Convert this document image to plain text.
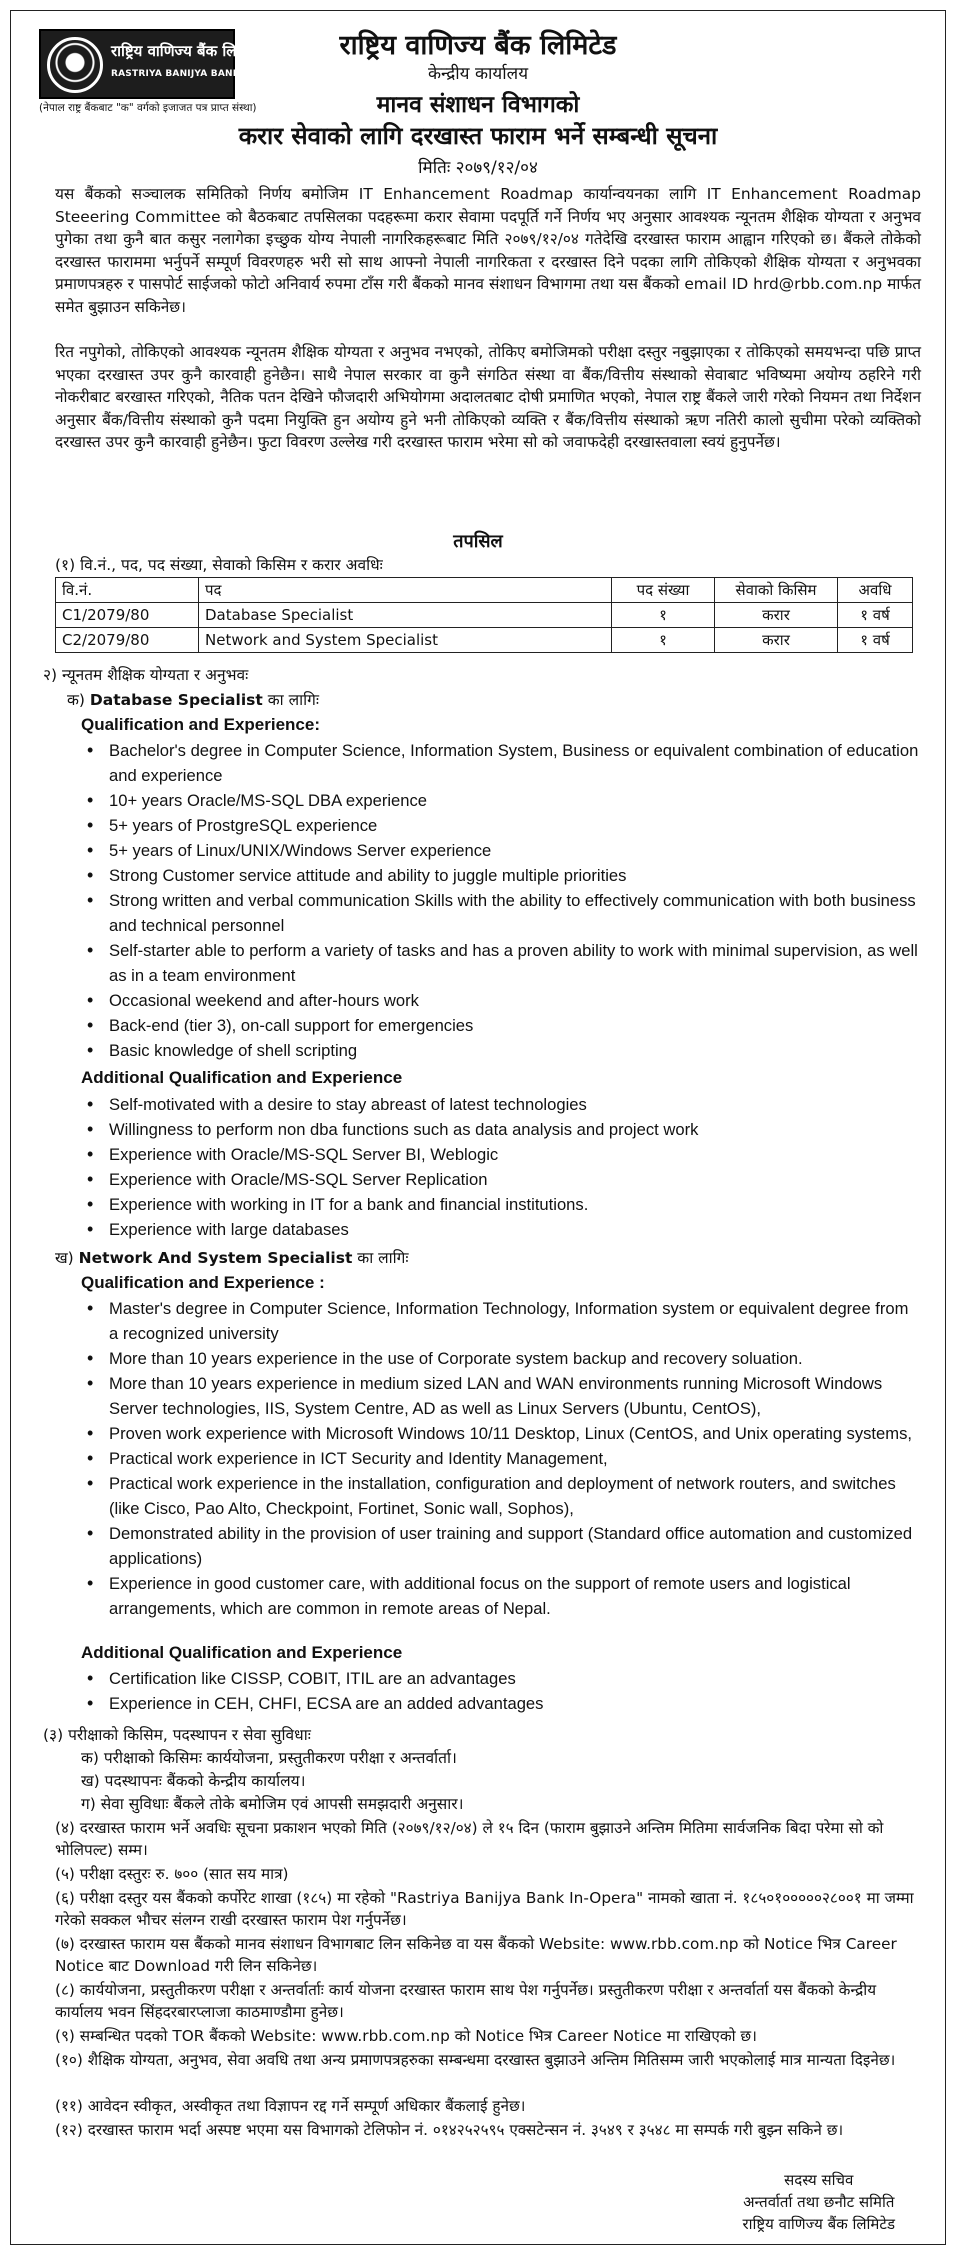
राष्ट्रिय वाणिज्य बैंक लि.
RASTRIYA BANIJYA BANK LTD.
(नेपाल राष्ट्र बैंकबाट "क" वर्गको इजाजत पत्र प्राप्त संस्था)
राष्ट्रिय वाणिज्य बैंक लिमिटेड
केन्द्रीय कार्यालय
मानव संशाधन विभागको
करार सेवाको लागि दरखास्त फाराम भर्ने सम्बन्धी सूचना
मितिः २०७९/१२/०४

यस बैंकको सञ्चालक समितिको निर्णय बमोजिम IT Enhancement Roadmap कार्यान्वयनका लागि IT Enhancement Roadmap Steeering Committee को बैठकबाट तपसिलका पदहरूमा करार सेवामा पदपूर्ति गर्ने निर्णय भए अनुसार आवश्यक न्यूनतम शैक्षिक योग्यता र अनुभव पुगेका तथा कुनै बात कसुर नलागेका इच्छुक योग्य नेपाली नागरिकहरूबाट मिति २०७९/१२/०४ गतेदेखि दरखास्त फाराम आह्वान गरिएको छ। बैंकले तोकेको दरखास्त फाराममा भर्नुपर्ने सम्पूर्ण विवरणहरु भरी सो साथ आफ्नो नेपाली नागरिकता र दरखास्त दिने पदका लागि तोकिएको शैक्षिक योग्यता र अनुभवका प्रमाणपत्रहरु र पासपोर्ट साईजको फोटो अनिवार्य रुपमा टाँस गरी बैंकको मानव संशाधन विभागमा तथा यस बैंकको email ID hrd@rbb.com.np मार्फत समेत बुझाउन सकिनेछ।

रित नपुगेको, तोकिएको आवश्यक न्यूनतम शैक्षिक योग्यता र अनुभव नभएको, तोकिए बमोजिमको परीक्षा दस्तुर नबुझाएका र तोकिएको समयभन्दा पछि प्राप्त भएका दरखास्त उपर कुनै कारवाही हुनेछैन। साथै नेपाल सरकार वा कुनै संगठित संस्था वा बैंक/वित्तीय संस्थाको सेवाबाट भविष्यमा अयोग्य ठहरिने गरी नोकरीबाट बरखास्त गरिएको, नैतिक पतन देखिने फौजदारी अभियोगमा अदालतबाट दोषी प्रमाणित भएको, नेपाल राष्ट्र बैंकले जारी गरेको नियमन तथा निर्देशन अनुसार बैंक/वित्तीय संस्थाको कुनै पदमा नियुक्ति हुन अयोग्य हुने भनी तोकिएको व्यक्ति र बैंक/वित्तीय संस्थाको ऋण नतिरी कालो सुचीमा परेको व्यक्तिको दरखास्त उपर कुनै कारवाही हुनेछैन। फुटा विवरण उल्लेख गरी दरखास्त फाराम भरेमा सो को जवाफदेही दरखास्तवाला स्वयं हुनुपर्नेछ।

तपसिल
(१) वि.नं., पद, पद संख्या, सेवाको किसिम र करार अवधिः
वि.नं.	पद	पद संख्या	सेवाको किसिम	अवधि
C1/2079/80	Database Specialist	१	करार	१ वर्ष
C2/2079/80	Network and System Specialist	१	करार	१ वर्ष
२) न्यूनतम शैक्षिक योग्यता र अनुभवः
क) Database Specialist का लागिः
Qualification and Experience:
• Bachelor's degree in Computer Science, Information System, Business or equivalent combination of education and experience
• 10+ years Oracle/MS-SQL DBA experience
• 5+ years of ProstgreSQL experience
• 5+ years of Linux/UNIX/Windows Server experience
• Strong Customer service attitude and ability to juggle multiple priorities
• Strong written and verbal communication Skills with the ability to effectively communication with both business and technical personnel
• Self-starter able to perform a variety of tasks and has a proven ability to work with minimal supervision, as well as in a team environment
• Occasional weekend and after-hours work
• Back-end (tier 3), on-call support for emergencies
• Basic knowledge of shell scripting
Additional Qualification and Experience
• Self-motivated with a desire to stay abreast of latest technologies
• Willingness to perform non dba functions such as data analysis and project work
• Experience with Oracle/MS-SQL Server BI, Weblogic
• Experience with Oracle/MS-SQL Server Replication
• Experience with working in IT for a bank and financial institutions.
• Experience with large databases
ख) Network And System Specialist का लागिः
Qualification and Experience :
• Master's degree in Computer Science, Information Technology, Information system or equivalent degree from a recognized university
• More than 10 years experience in the use of Corporate system backup and recovery soluation.
• More than 10 years experience in medium sized LAN and WAN environments running Microsoft Windows Server technologies, IIS, System Centre, AD as well as Linux Servers (Ubuntu, CentOS),
• Proven work experience with Microsoft Windows 10/11 Desktop, Linux (CentOS, and Unix operating systems,
• Practical work experience in ICT Security and Identity Management,
• Practical work experience in the installation, configuration and deployment of network routers, and switches (like Cisco, Pao Alto, Checkpoint, Fortinet, Sonic wall, Sophos),
• Demonstrated ability in the provision of user training and support (Standard office automation and customized applications)
• Experience in good customer care, with additional focus on the support of remote users and logistical arrangements, which are common in remote areas of Nepal.
Additional Qualification and Experience
• Certification like CISSP, COBIT, ITIL are an advantages
• Experience in CEH, CHFI, ECSA are an added advantages
(३) परीक्षाको किसिम, पदस्थापन र सेवा सुविधाः
क) परीक्षाको किसिमः कार्ययोजना, प्रस्तुतीकरण परीक्षा र अन्तर्वार्ता।
ख) पदस्थापनः बैंकको केन्द्रीय कार्यालय।
ग) सेवा सुविधाः बैंकले तोके बमोजिम एवं आपसी समझदारी अनुसार।

(४) दरखास्त फाराम भर्ने अवधिः सूचना प्रकाशन भएको मिति (२०७९/१२/०४) ले १५ दिन (फाराम बुझाउने अन्तिम मितिमा सार्वजनिक बिदा परेमा सो को भोलिपल्ट) सम्म।

(५) परीक्षा दस्तुरः रु. ७०० (सात सय मात्र)

(६) परीक्षा दस्तुर यस बैंकको कर्पोरेट शाखा (१८५) मा रहेको "Rastriya Banijya Bank In-Opera" नामको खाता नं. १८५०१०००००२८००१ मा जम्मा गरेको सक्कल भौचर संलग्न राखी दरखास्त फाराम पेश गर्नुपर्नेछ।

(७) दरखास्त फाराम यस बैंकको मानव संशाधन विभागबाट लिन सकिनेछ वा यस बैंकको Website: www.rbb.com.np को Notice भित्र Career Notice बाट Download गरी लिन सकिनेछ।

(८) कार्ययोजना, प्रस्तुतीकरण परीक्षा र अन्तर्वार्ताः कार्य योजना दरखास्त फाराम साथ पेश गर्नुपर्नेछ। प्रस्तुतीकरण परीक्षा र अन्तर्वार्ता यस बैंकको केन्द्रीय कार्यालय भवन सिंहदरबारप्लाजा काठमाण्डौमा हुनेछ।

(९) सम्बन्धित पदको TOR बैंकको Website: www.rbb.com.np को Notice भित्र Career Notice मा राखिएको छ।

(१०) शैक्षिक योग्यता, अनुभव, सेवा अवधि तथा अन्य प्रमाणपत्रहरुका सम्बन्धमा दरखास्त बुझाउने अन्तिम मितिसम्म जारी भएकोलाई मात्र मान्यता दिइनेछ।

(११) आवेदन स्वीकृत, अस्वीकृत तथा विज्ञापन रद्द गर्ने सम्पूर्ण अधिकार बैंकलाई हुनेछ।

(१२) दरखास्त फाराम भर्दा अस्पष्ट भएमा यस विभागको टेलिफोन नं. ०१४२५२५९५ एक्सटेन्सन नं. ३५४९ र ३५४८ मा सम्पर्क गरी बुझ्न सकिने छ।

सदस्य सचिव
अन्तर्वार्ता तथा छनौट समिति
राष्ट्रिय वाणिज्य बैंक लिमिटेड
